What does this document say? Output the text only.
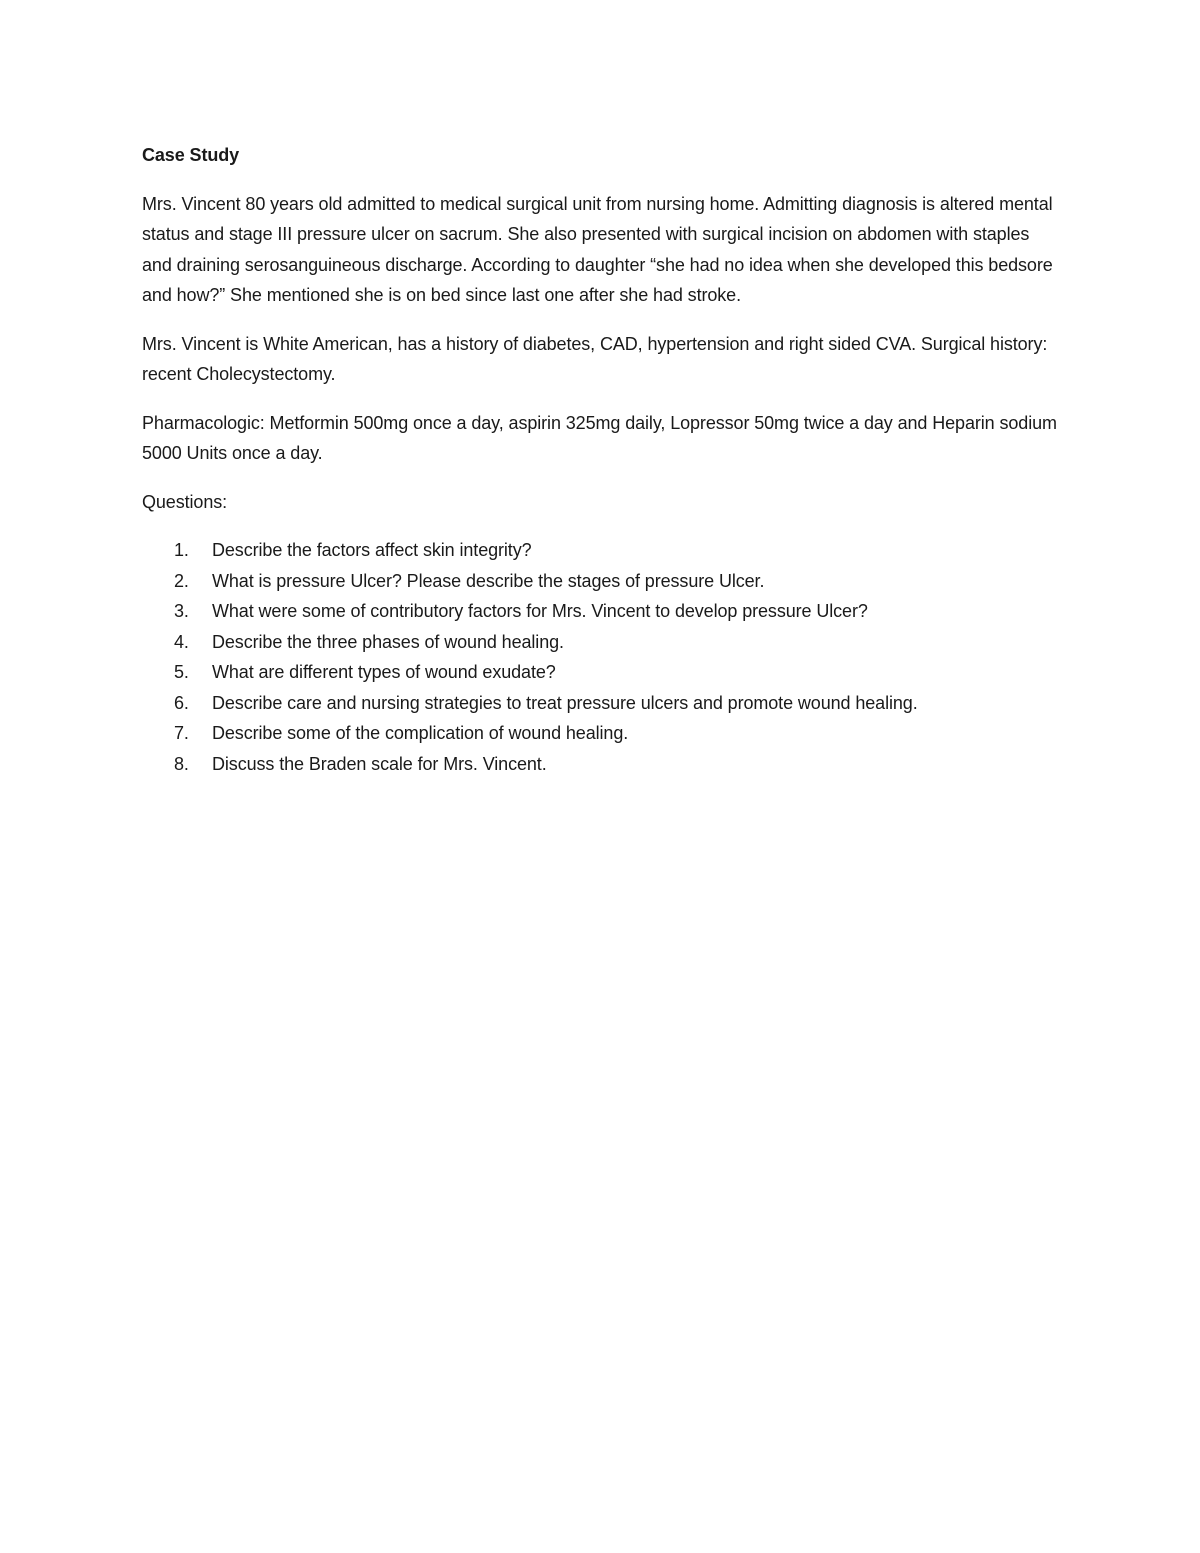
Case Study

Mrs. Vincent 80 years old admitted to medical surgical unit from nursing home. Admitting diagnosis is altered mental status and stage III pressure ulcer on sacrum. She also presented with surgical incision on abdomen with staples and draining serosanguineous discharge. According to daughter “she had no idea when she developed this bedsore and how?” She mentioned she is on bed since last one after she had stroke.

Mrs. Vincent is White American, has a history of diabetes, CAD, hypertension and right sided CVA. Surgical history: recent Cholecystectomy.

Pharmacologic: Metformin 500mg once a day, aspirin 325mg daily, Lopressor 50mg twice a day and Heparin sodium 5000 Units once a day.

Questions:
1.	Describe the factors affect skin integrity?
2.	What is pressure Ulcer? Please describe the stages of pressure Ulcer.
3.	What were some of contributory factors for Mrs. Vincent to develop pressure Ulcer?
4.	Describe the three phases of wound healing.
5.	What are different types of wound exudate?
6.	Describe care and nursing strategies to treat pressure ulcers and promote wound healing.
7.	Describe some of the complication of wound healing.
8.	Discuss the Braden scale for Mrs. Vincent.
